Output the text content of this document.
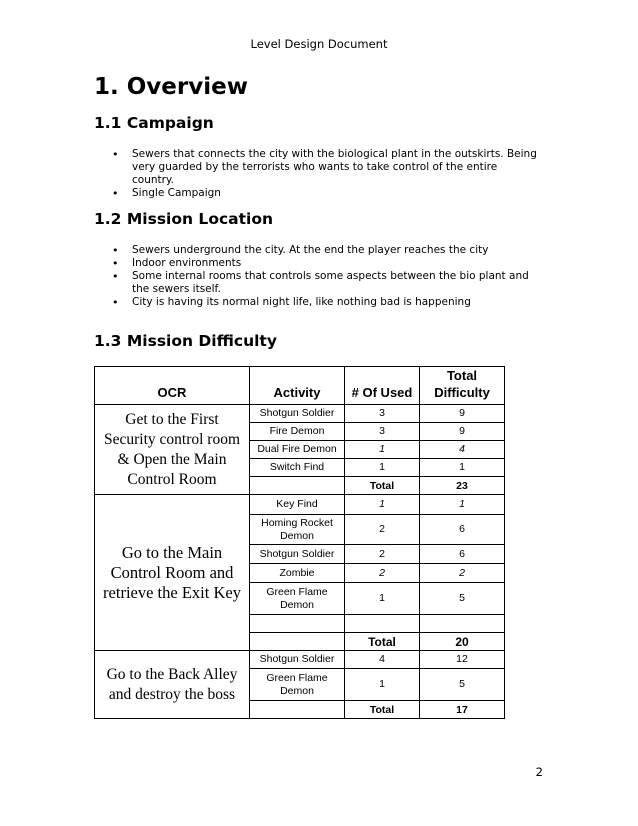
Level Design Document
1. Overview
1.1 Campaign
• Sewers that connects the city with the biological plant in the outskirts. Being very guarded by the terrorists who wants to take control of the entire country.
• Single Campaign
1.2 Mission Location
• Sewers underground the city. At the end the player reaches the city
• Indoor environments
• Some internal rooms that controls some aspects between the bio plant and the sewers itself.
• City is having its normal night life, like nothing bad is happening
1.3 Mission Difficulty
OCR	Activity	# Of Used	Total Difficulty
Get to the First Security control room & Open the Main Control Room	Shotgun Soldier	3	9
	Fire Demon	3	9
	Dual Fire Demon	1	4
	Switch Find	1	1
		Total	23
Go to the Main Control Room and retrieve the Exit Key	Key Find	1	1
	Homing Rocket Demon	2	6
	Shotgun Soldier	2	6
	Zombie	2	2
	Green Flame Demon	1	5

		Total	20
Go to the Back Alley and destroy the boss	Shotgun Soldier	4	12
	Green Flame Demon	1	5
		Total	17
2
